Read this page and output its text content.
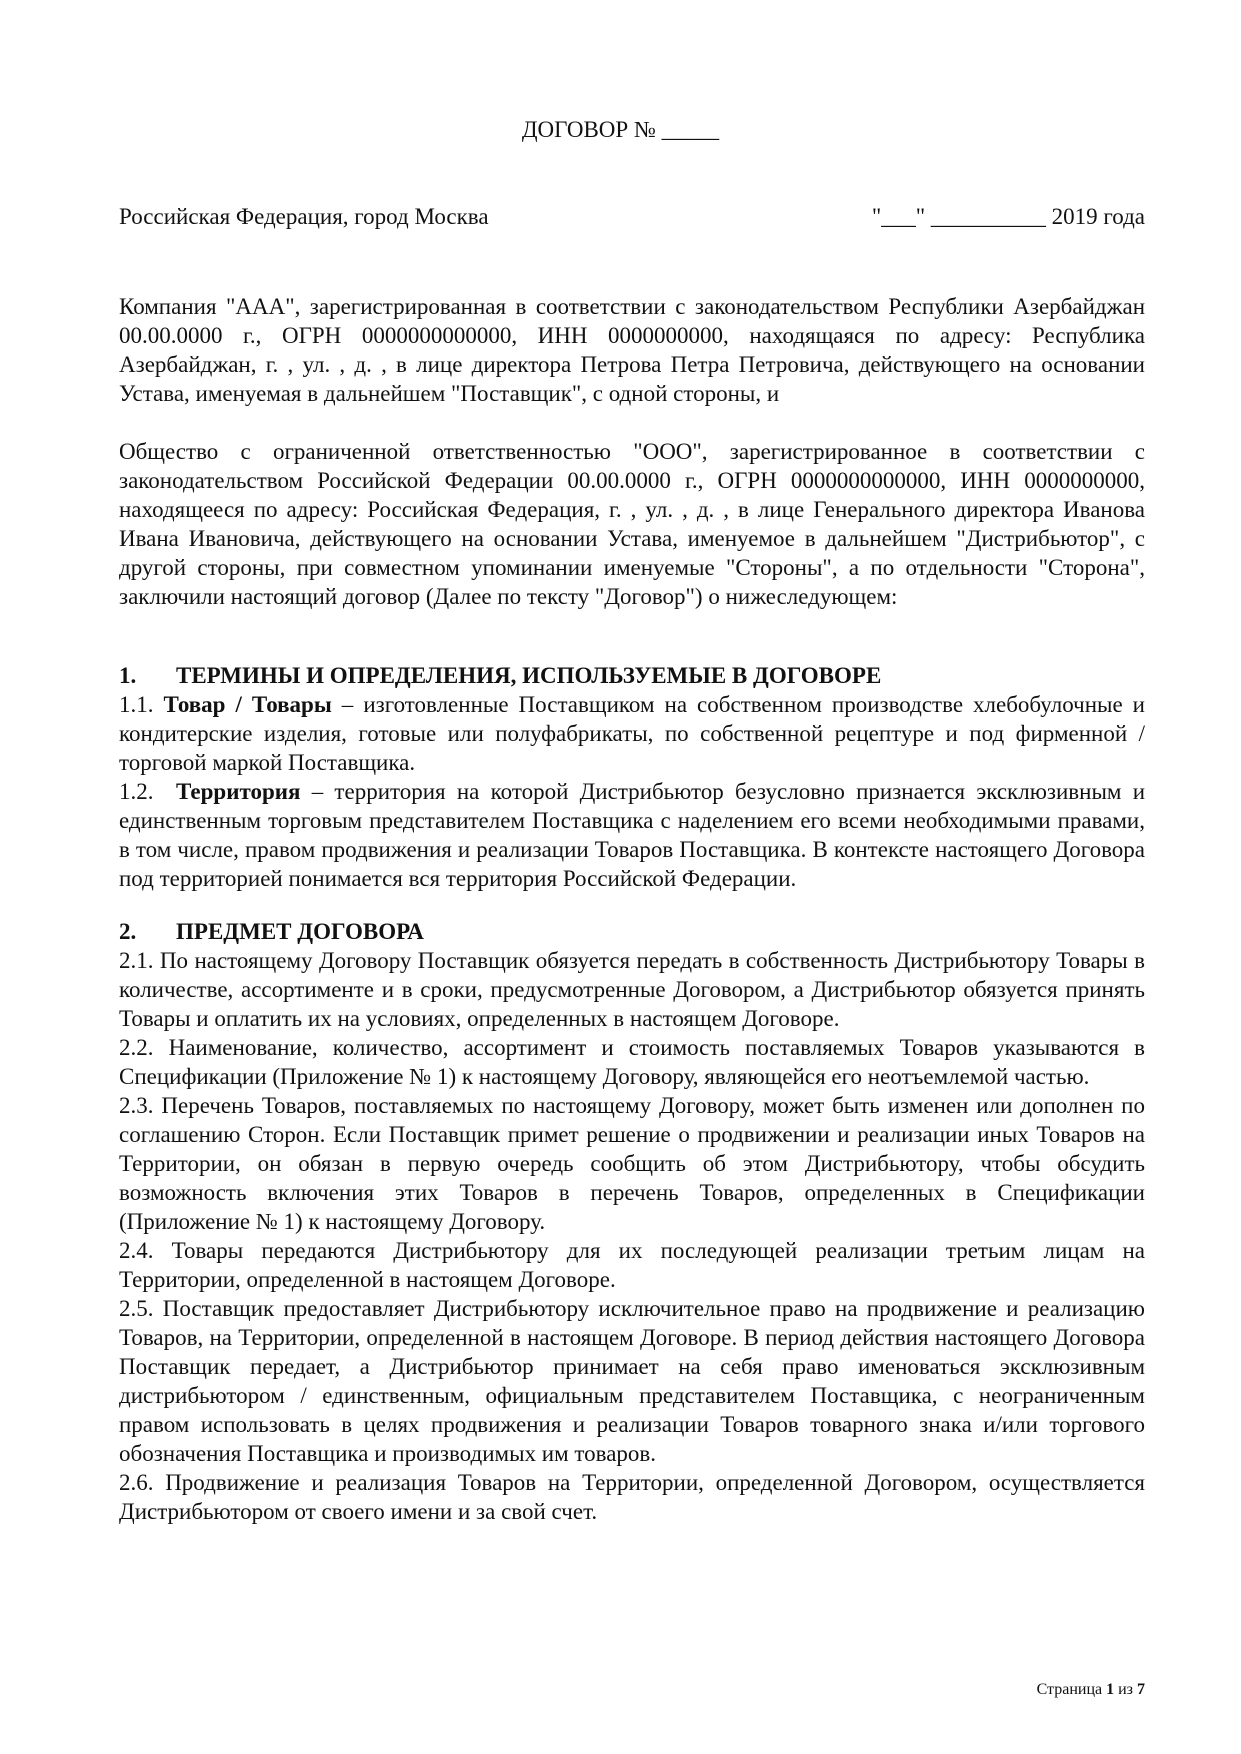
ДОГОВОР № _____
Российская Федерация, город Москва	"___" __________ 2019 года

Компания "ААА", зарегистрированная в соответствии с законодательством Республики Азербайджан 00.00.0000 г., ОГРН 0000000000000, ИНН 0000000000, находящаяся по адресу: Республика Азербайджан, г. , ул. , д. , в лице директора Петрова Петра Петровича, действующего на основании Устава, именуемая в дальнейшем "Поставщик", с одной стороны, и

Общество с ограниченной ответственностью "ООО", зарегистрированное в соответствии с законодательством Российской Федерации 00.00.0000 г., ОГРН 0000000000000, ИНН 0000000000, находящееся по адресу: Российская Федерация, г. , ул. , д. , в лице Генерального директора Иванова Ивана Ивановича, действующего на основании Устава, именуемое в дальнейшем "Дистрибьютор", с другой стороны, при совместном упоминании именуемые "Стороны", а по отдельности "Сторона", заключили настоящий договор (Далее по тексту "Договор") о нижеследующем:

1.	ТЕРМИНЫ И ОПРЕДЕЛЕНИЯ, ИСПОЛЬЗУЕМЫЕ В ДОГОВОРЕ

1.1. Товар / Товары – изготовленные Поставщиком на собственном производстве хлебобулочные и кондитерские изделия, готовые или полуфабрикаты, по собственной рецептуре и под фирменной / торговой маркой Поставщика.

1.2. Территория – территория на которой Дистрибьютор безусловно признается эксклюзивным и единственным торговым представителем Поставщика с наделением его всеми необходимыми правами, в том числе, правом продвижения и реализации Товаров Поставщика. В контексте настоящего Договора под территорией понимается вся территория Российской Федерации.

2.	ПРЕДМЕТ ДОГОВОРА

2.1. По настоящему Договору Поставщик обязуется передать в собственность Дистрибьютору Товары в количестве, ассортименте и в сроки, предусмотренные Договором, а Дистрибьютор обязуется принять Товары и оплатить их на условиях, определенных в настоящем Договоре.

2.2. Наименование, количество, ассортимент и стоимость поставляемых Товаров указываются в Спецификации (Приложение № 1) к настоящему Договору, являющейся его неотъемлемой частью.

2.3. Перечень Товаров, поставляемых по настоящему Договору, может быть изменен или дополнен по соглашению Сторон. Если Поставщик примет решение о продвижении и реализации иных Товаров на Территории, он обязан в первую очередь сообщить об этом Дистрибьютору, чтобы обсудить возможность включения этих Товаров в перечень Товаров, определенных в Спецификации (Приложение № 1) к настоящему Договору.

2.4. Товары передаются Дистрибьютору для их последующей реализации третьим лицам на Территории, определенной в настоящем Договоре.

2.5. Поставщик предоставляет Дистрибьютору исключительное право на продвижение и реализацию Товаров, на Территории, определенной в настоящем Договоре. В период действия настоящего Договора Поставщик передает, а Дистрибьютор принимает на себя право именоваться эксклюзивным дистрибьютором / единственным, официальным представителем Поставщика, с неограниченным правом использовать в целях продвижения и реализации Товаров товарного знака и/или торгового обозначения Поставщика и производимых им товаров.

2.6. Продвижение и реализация Товаров на Территории, определенной Договором, осуществляется Дистрибьютором от своего имени и за свой счет.

Страница 1 из 7
